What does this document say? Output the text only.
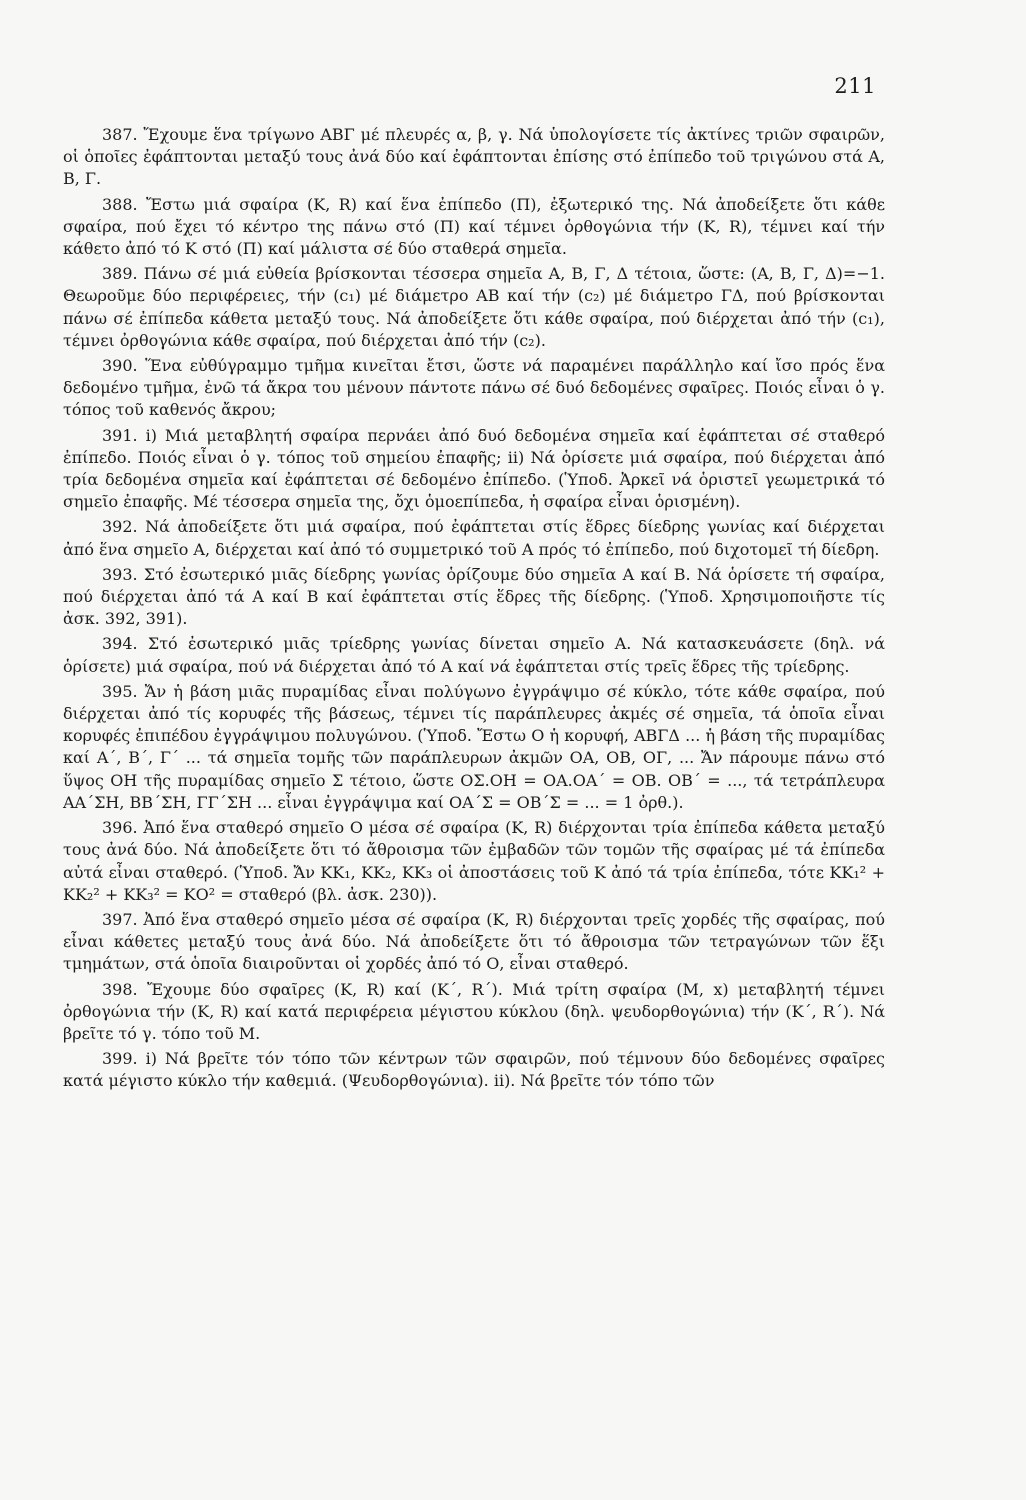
211

387. Ἔχουμε ἕνα τρίγωνο ΑΒΓ μέ πλευρές α, β, γ. Νά ὑπολογίσετε τίς ἀκτίνες τριῶν σφαιρῶν, οἱ ὁποῖες ἐφάπτονται μεταξύ τους ἀνά δύο καί ἐφάπτονται ἐπίσης στό ἐπίπεδο τοῦ τριγώνου στά Α, Β, Γ.

388. Ἔστω μιά σφαίρα (Κ, R) καί ἕνα ἐπίπεδο (Π), ἐξωτερικό της. Νά ἀποδείξετε ὅτι κάθε σφαίρα, πού ἔχει τό κέντρο της πάνω στό (Π) καί τέμνει ὀρθογώνια τήν (Κ, R), τέμνει καί τήν κάθετο ἀπό τό Κ στό (Π) καί μάλιστα σέ δύο σταθερά σημεῖα.

389. Πάνω σέ μιά εὐθεία βρίσκονται τέσσερα σημεῖα Α, Β, Γ, Δ τέτοια, ὥστε: (Α, Β, Γ, Δ)=−1. Θεωροῦμε δύο περιφέρειες, τήν (c₁) μέ διάμετρο ΑΒ καί τήν (c₂) μέ διάμετρο ΓΔ, πού βρίσκονται πάνω σέ ἐπίπεδα κάθετα μεταξύ τους. Νά ἀποδείξετε ὅτι κάθε σφαίρα, πού διέρχεται ἀπό τήν (c₁), τέμνει ὀρθογώνια κάθε σφαίρα, πού διέρχεται ἀπό τήν (c₂).

390. Ἕνα εὐθύγραμμο τμῆμα κινεῖται ἔτσι, ὥστε νά παραμένει παράλληλο καί ἴσο πρός ἕνα δεδομένο τμῆμα, ἐνῶ τά ἄκρα του μένουν πάντοτε πάνω σέ δυό δεδομένες σφαῖρες. Ποιός εἶναι ὁ γ. τόπος τοῦ καθενός ἄκρου;

391. i) Μιά μεταβλητή σφαίρα περνάει ἀπό δυό δεδομένα σημεῖα καί ἐφάπτεται σέ σταθερό ἐπίπεδο. Ποιός εἶναι ὁ γ. τόπος τοῦ σημείου ἐπαφῆς; ii) Νά ὁρίσετε μιά σφαίρα, πού διέρχεται ἀπό τρία δεδομένα σημεῖα καί ἐφάπτεται σέ δεδομένο ἐπίπεδο. (Ὑποδ. Ἀρκεῖ νά ὁριστεῖ γεωμετρικά τό σημεῖο ἐπαφῆς. Μέ τέσσερα σημεῖα της, ὄχι ὁμοεπίπεδα, ἡ σφαίρα εἶναι ὁρισμένη).

392. Νά ἀποδείξετε ὅτι μιά σφαίρα, πού ἐφάπτεται στίς ἕδρες δίεδρης γωνίας καί διέρχεται ἀπό ἕνα σημεῖο Α, διέρχεται καί ἀπό τό συμμετρικό τοῦ Α πρός τό ἐπίπεδο, πού διχοτομεῖ τή δίεδρη.

393. Στό ἐσωτερικό μιᾶς δίεδρης γωνίας ὁρίζουμε δύο σημεῖα Α καί Β. Νά ὁρίσετε τή σφαίρα, πού διέρχεται ἀπό τά Α καί Β καί ἐφάπτεται στίς ἕδρες τῆς δίεδρης. (Ὑποδ. Χρησιμοποιῆστε τίς ἀσκ. 392, 391).

394. Στό ἐσωτερικό μιᾶς τρίεδρης γωνίας δίνεται σημεῖο Α. Νά κατασκευάσετε (δηλ. νά ὁρίσετε) μιά σφαίρα, πού νά διέρχεται ἀπό τό Α καί νά ἐφάπτεται στίς τρεῖς ἕδρες τῆς τρίεδρης.

395. Ἄν ἡ βάση μιᾶς πυραμίδας εἶναι πολύγωνο ἐγγράψιμο σέ κύκλο, τότε κάθε σφαίρα, πού διέρχεται ἀπό τίς κορυφές τῆς βάσεως, τέμνει τίς παράπλευρες ἀκμές σέ σημεῖα, τά ὁποῖα εἶναι κορυφές ἐπιπέδου ἐγγράψιμου πολυγώνου. (Ὑποδ. Ἔστω Ο ἡ κορυφή, ΑΒΓΔ ... ἡ βάση τῆς πυραμίδας καί Α΄, Β΄, Γ΄ ... τά σημεῖα τομῆς τῶν παράπλευρων ἀκμῶν ΟΑ, ΟΒ, ΟΓ, ... Ἄν πάρουμε πάνω στό ὕψος ΟΗ τῆς πυραμίδας σημεῖο Σ τέτοιο, ὥστε ΟΣ.ΟΗ = ΟΑ.ΟΑ΄ = ΟΒ. ΟΒ΄ = ..., τά τετράπλευρα ΑΑ΄ΣΗ, ΒΒ΄ΣΗ, ΓΓ΄ΣΗ ... εἶναι ἐγγράψιμα καί ΟΑ΄Σ = ΟΒ΄Σ = ... = 1 ὀρθ.).

396. Ἀπό ἕνα σταθερό σημεῖο Ο μέσα σέ σφαίρα (Κ, R) διέρχονται τρία ἐπίπεδα κάθετα μεταξύ τους ἀνά δύο. Νά ἀποδείξετε ὅτι τό ἄθροισμα τῶν ἐμβαδῶν τῶν τομῶν τῆς σφαίρας μέ τά ἐπίπεδα αὐτά εἶναι σταθερό. (Ὑποδ. Ἄν ΚΚ₁, ΚΚ₂, ΚΚ₃ οἱ ἀποστάσεις τοῦ Κ ἀπό τά τρία ἐπίπεδα, τότε ΚΚ₁² + ΚΚ₂² + ΚΚ₃² = ΚΟ² = σταθερό (βλ. ἀσκ. 230)).

397. Ἀπό ἕνα σταθερό σημεῖο μέσα σέ σφαίρα (Κ, R) διέρχονται τρεῖς χορδές τῆς σφαίρας, πού εἶναι κάθετες μεταξύ τους ἀνά δύο. Νά ἀποδείξετε ὅτι τό ἄθροισμα τῶν τετραγώνων τῶν ἕξι τμημάτων, στά ὁποῖα διαιροῦνται οἱ χορδές ἀπό τό Ο, εἶναι σταθερό.

398. Ἔχουμε δύο σφαῖρες (Κ, R) καί (Κ΄, R΄). Μιά τρίτη σφαίρα (Μ, x) μεταβλητή τέμνει ὀρθογώνια τήν (Κ, R) καί κατά περιφέρεια μέγιστου κύκλου (δηλ. ψευδορθογώνια) τήν (Κ΄, R΄). Νά βρεῖτε τό γ. τόπο τοῦ Μ.

399. i) Νά βρεῖτε τόν τόπο τῶν κέντρων τῶν σφαιρῶν, πού τέμνουν δύο δεδομένες σφαῖρες κατά μέγιστο κύκλο τήν καθεμιά. (Ψευδορθογώνια). ii). Νά βρεῖτε τόν τόπο τῶν
